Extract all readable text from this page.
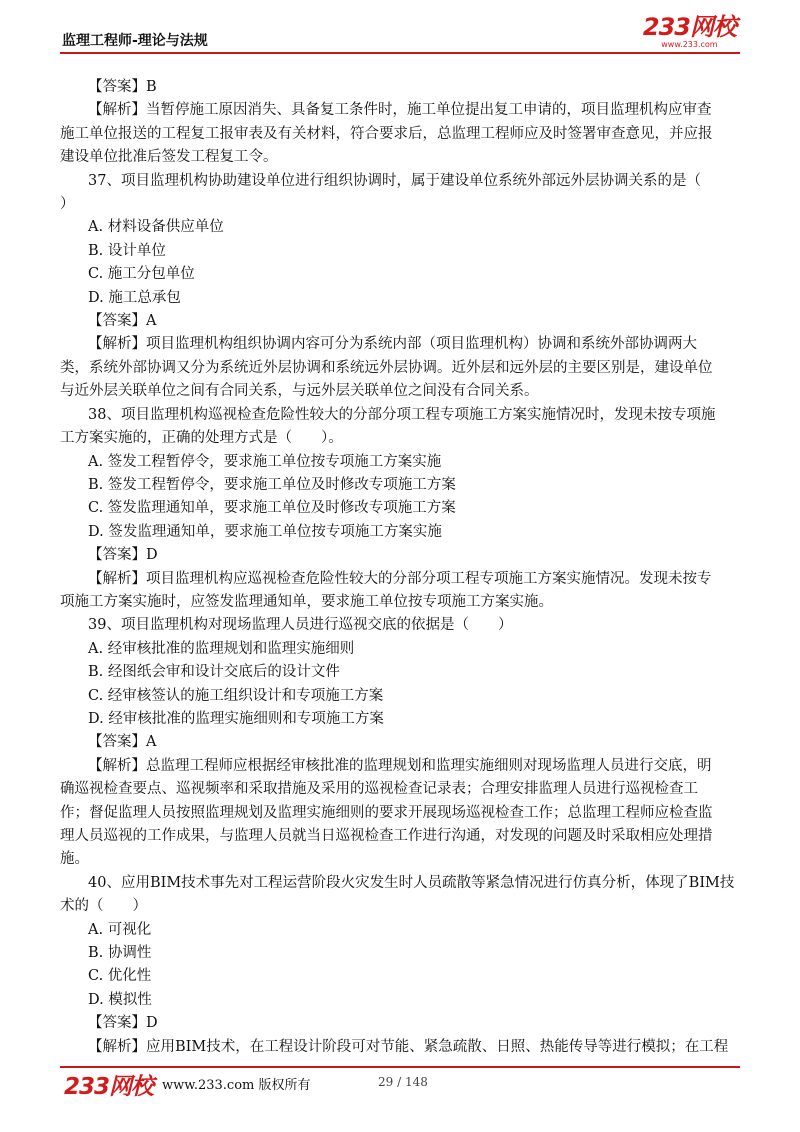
监理工程师-理论与法规	233网校
www.233.com

【答案】B

【解析】当暂停施工原因消失、具备复工条件时，施工单位提出复工申请的，项目监理机构应审查

施工单位报送的工程复工报审表及有关材料，符合要求后，总监理工程师应及时签署审查意见，并应报

建设单位批准后签发工程复工令。

37、项目监理机构协助建设单位进行组织协调时，属于建设单位系统外部远外层协调关系的是（

）

A. 材料设备供应单位

B. 设计单位

C. 施工分包单位

D. 施工总承包

【答案】A

【解析】项目监理机构组织协调内容可分为系统内部（项目监理机构）协调和系统外部协调两大

类，系统外部协调又分为系统近外层协调和系统远外层协调。近外层和远外层的主要区别是，建设单位

与近外层关联单位之间有合同关系，与远外层关联单位之间没有合同关系。

38、项目监理机构巡视检查危险性较大的分部分项工程专项施工方案实施情况时，发现未按专项施

工方案实施的，正确的处理方式是（　　）。

A. 签发工程暂停令，要求施工单位按专项施工方案实施

B. 签发工程暂停令，要求施工单位及时修改专项施工方案

C. 签发监理通知单，要求施工单位及时修改专项施工方案

D. 签发监理通知单，要求施工单位按专项施工方案实施

【答案】D

【解析】项目监理机构应巡视检查危险性较大的分部分项工程专项施工方案实施情况。发现未按专

项施工方案实施时，应签发监理通知单，要求施工单位按专项施工方案实施。

39、项目监理机构对现场监理人员进行巡视交底的依据是（　　）

A. 经审核批准的监理规划和监理实施细则

B. 经图纸会审和设计交底后的设计文件

C. 经审核签认的施工组织设计和专项施工方案

D. 经审核批准的监理实施细则和专项施工方案

【答案】A

【解析】总监理工程师应根据经审核批准的监理规划和监理实施细则对现场监理人员进行交底，明

确巡视检查要点、巡视频率和采取措施及采用的巡视检查记录表；合理安排监理人员进行巡视检查工

作；督促监理人员按照监理规划及监理实施细则的要求开展现场巡视检查工作；总监理工程师应检查监

理人员巡视的工作成果，与监理人员就当日巡视检查工作进行沟通，对发现的问题及时采取相应处理措

施。

40、应用BIM技术事先对工程运营阶段火灾发生时人员疏散等紧急情况进行仿真分析，体现了BIM技

术的（　　）

A. 可视化

B. 协调性

C. 优化性

D. 模拟性

【答案】D

【解析】应用BIM技术，在工程设计阶段可对节能、紧急疏散、日照、热能传导等进行模拟；在工程

233网校 www.233.com 版权所有	29 / 148
